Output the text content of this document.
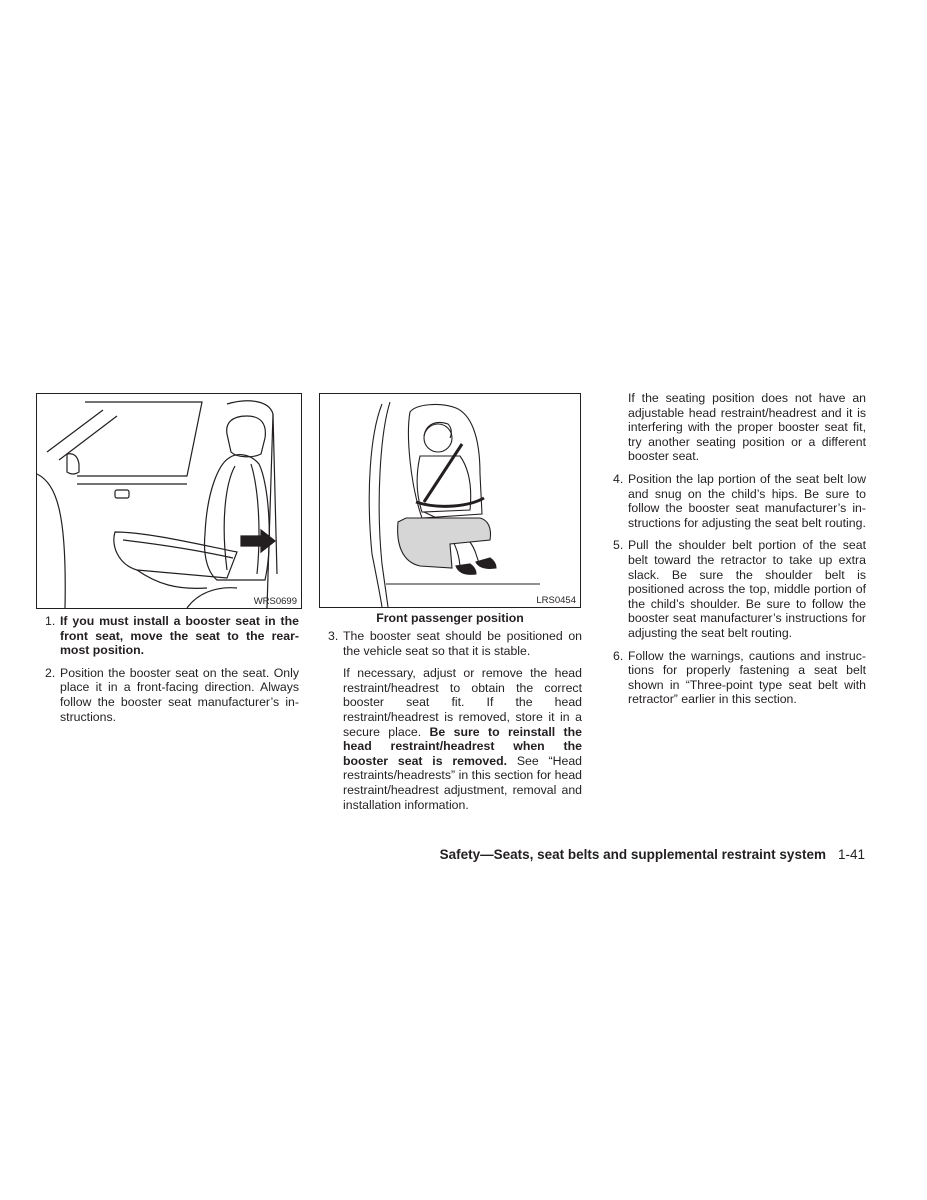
WRS0699	LRS0454
Front passenger position
1. If you must install a booster seat in the front seat, move the seat to the rear-most position.
2. Position the booster seat on the seat. Only place it in a front-facing direction. Always follow the booster seat manufacturer’s in-structions.
3. The booster seat should be positioned on the vehicle seat so that it is stable.
If necessary, adjust or remove the head restraint/headrest to obtain the correct booster seat fit. If the head restraint/headrest is removed, store it in a secure place. Be sure to reinstall the head restraint/headrest when the booster seat is removed. See “Head restraints/headrests” in this section for head restraint/headrest adjustment, removal and installation information.
If the seating position does not have an adjustable head restraint/headrest and it is interfering with the proper booster seat fit, try another seating position or a different booster seat.
4. Position the lap portion of the seat belt low and snug on the child’s hips. Be sure to follow the booster seat manufacturer’s in-structions for adjusting the seat belt routing.
5. Pull the shoulder belt portion of the seat belt toward the retractor to take up extra slack. Be sure the shoulder belt is positioned across the top, middle portion of the child’s shoulder. Be sure to follow the booster seat manufacturer’s instructions for adjusting the seat belt routing.
6. Follow the warnings, cautions and instruc-tions for properly fastening a seat belt shown in “Three-point type seat belt with retractor” earlier in this section.
Safety—Seats, seat belts and supplemental restraint system 1-41
